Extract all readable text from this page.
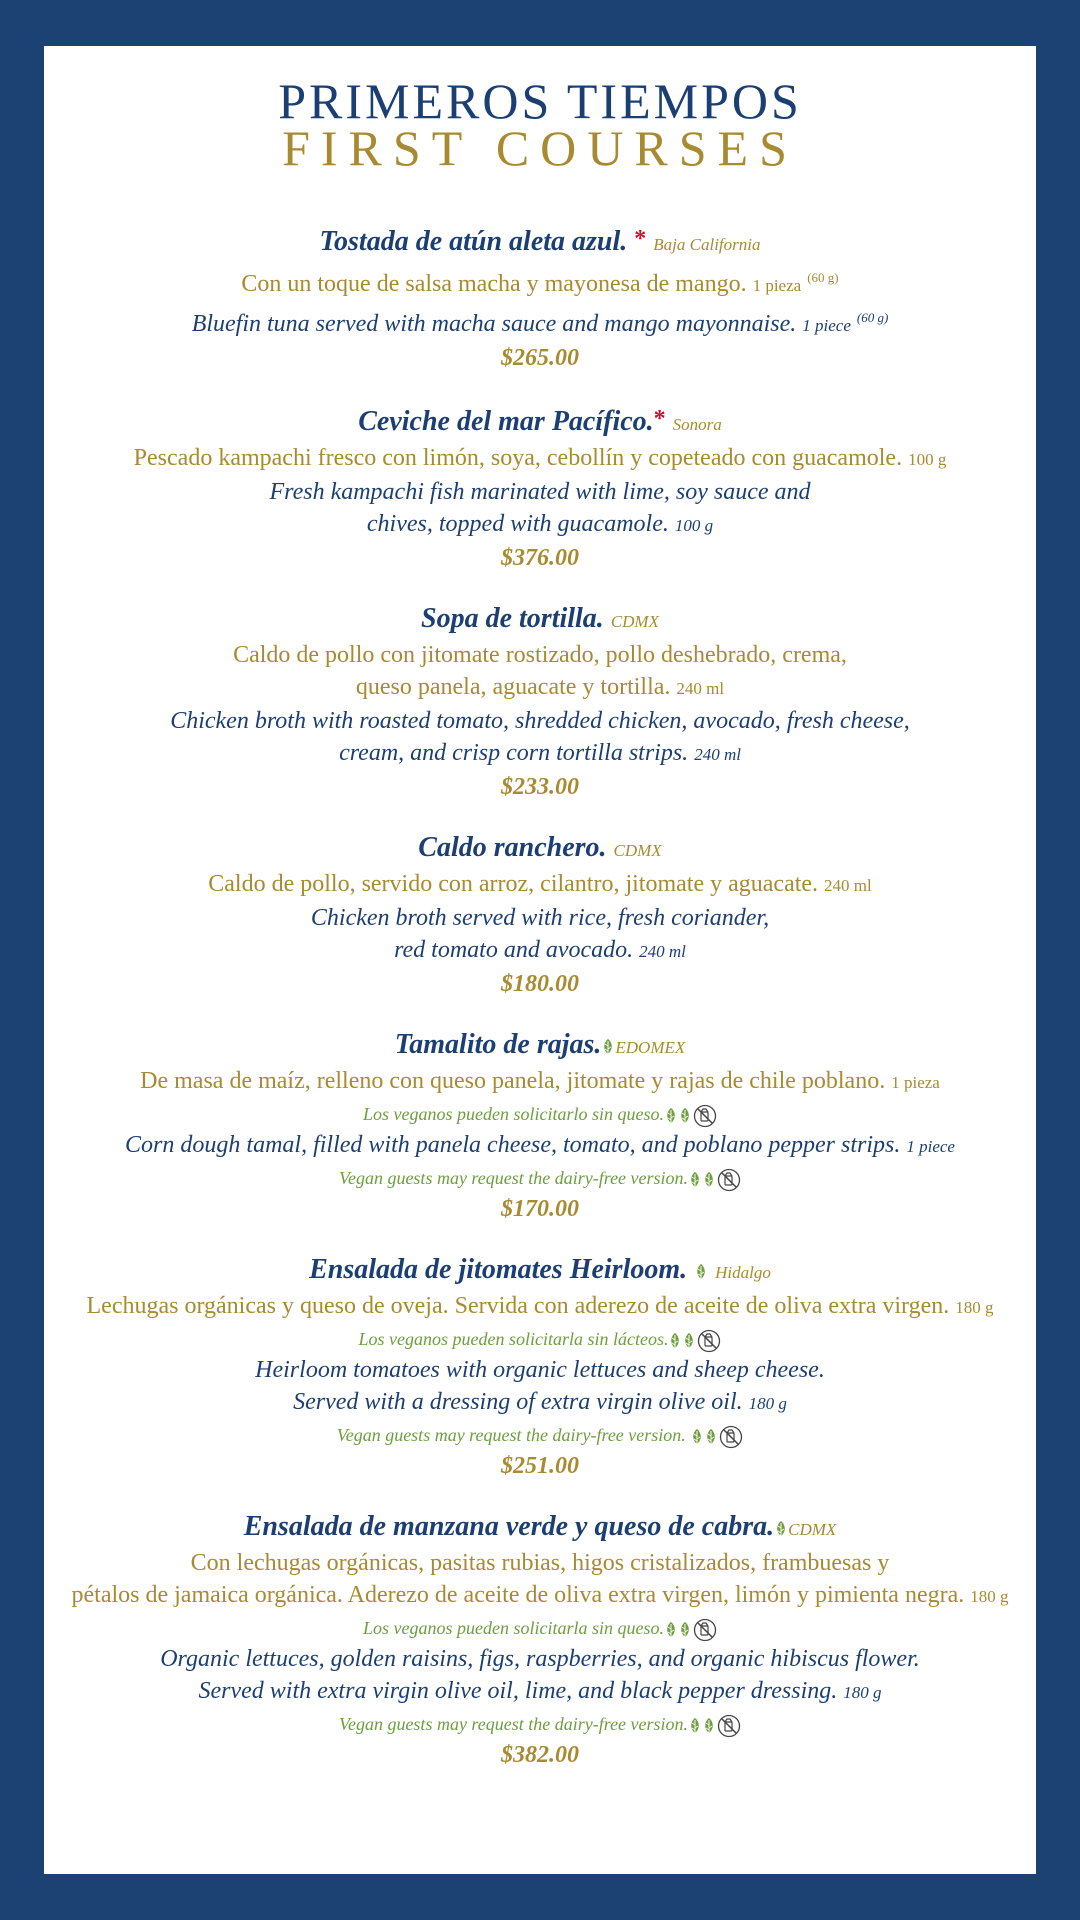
PRIMEROS TIEMPOS
FIRST COURSES
Tostada de atún aleta azul. * Baja California
Con un toque de salsa macha y mayonesa de mango. 1 pieza $^{(60 g)}$
Bluefin tuna served with macha sauce and mango mayonnaise. 1 piece $^{(60 g)}$
$265.00
Ceviche del mar Pacífico.* Sonora
Pescado kampachi fresco con limón, soya, cebollín y copeteado con guacamole. 100 g
Fresh kampachi fish marinated with lime, soy sauce and
chives, topped with guacamole. 100 g
$376.00
Sopa de tortilla. CDMX
Caldo de pollo con jitomate rostizado, pollo deshebrado, crema,
queso panela, aguacate y tortilla. 240 ml
Chicken broth with roasted tomato, shredded chicken, avocado, fresh cheese,
cream, and crisp corn tortilla strips. 240 ml
$233.00
Caldo ranchero. CDMX
Caldo de pollo, servido con arroz, cilantro, jitomate y aguacate. 240 ml
Chicken broth served with rice, fresh coriander,
red tomato and avocado. 240 ml
$180.00
Tamalito de rajas. EDOMEX
De masa de maíz, relleno con queso panela, jitomate y rajas de chile poblano. 1 pieza
Los veganos pueden solicitarlo sin queso.
Corn dough tamal, filled with panela cheese, tomato, and poblano pepper strips. 1 piece
Vegan guests may request the dairy-free version.
$170.00
Ensalada de jitomates Heirloom. Hidalgo
Lechugas orgánicas y queso de oveja. Servida con aderezo de aceite de oliva extra virgen. 180 g
Los veganos pueden solicitarla sin lácteos.
Heirloom tomatoes with organic lettuces and sheep cheese.
Served with a dressing of extra virgin olive oil. 180 g
Vegan guests may request the dairy-free version.
$251.00
Ensalada de manzana verde y queso de cabra. CDMX
Con lechugas orgánicas, pasitas rubias, higos cristalizados, frambuesas y
pétalos de jamaica orgánica. Aderezo de aceite de oliva extra virgen, limón y pimienta negra. 180 g
Los veganos pueden solicitarla sin queso.
Organic lettuces, golden raisins, figs, raspberries, and organic hibiscus flower.
Served with extra virgin olive oil, lime, and black pepper dressing. 180 g
Vegan guests may request the dairy-free version.
$382.00
